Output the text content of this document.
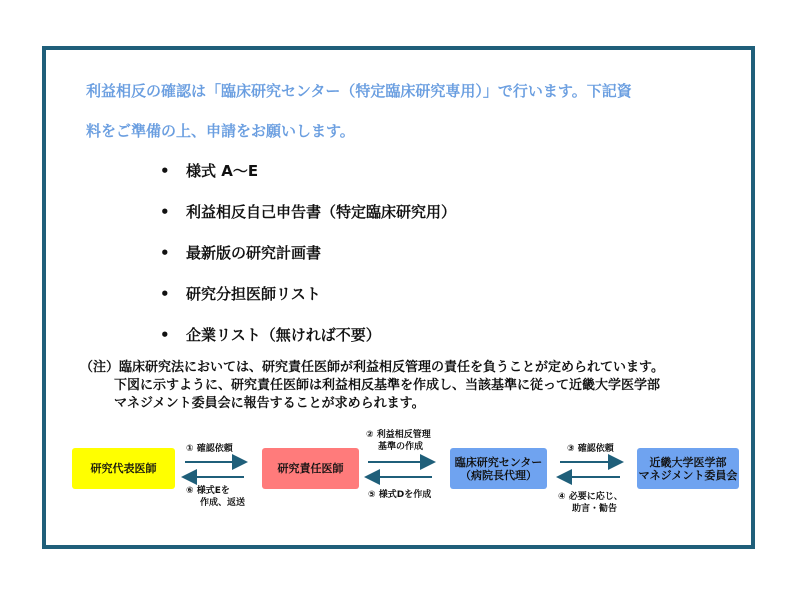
利益相反の確認は「臨床研究センター（特定臨床研究専用）」で行います。下記資

料をご準備の上、申請をお願いします。

• 様式 A～E
• 利益相反自己申告書（特定臨床研究用）
• 最新版の研究計画書
• 研究分担医師リスト
• 企業リスト（無ければ不要）
（注）臨床研究法においては、研究責任医師が利益相反管理の責任を負うことが定められています。
下図に示すように、研究責任医師は利益相反基準を作成し、当該基準に従って近畿大学医学部
マネジメント委員会に報告することが求められます。
研究代表医師	研究責任医師	臨床研究センター
（病院長代理）
近畿大学医学部
マネジメント委員会
① 確認依頼
⑥ 様式Eを
作成、返送
② 利益相反管理
基準の作成
⑤ 様式Dを作成
③ 確認依頼
④ 必要に応じ、
助言・勧告
